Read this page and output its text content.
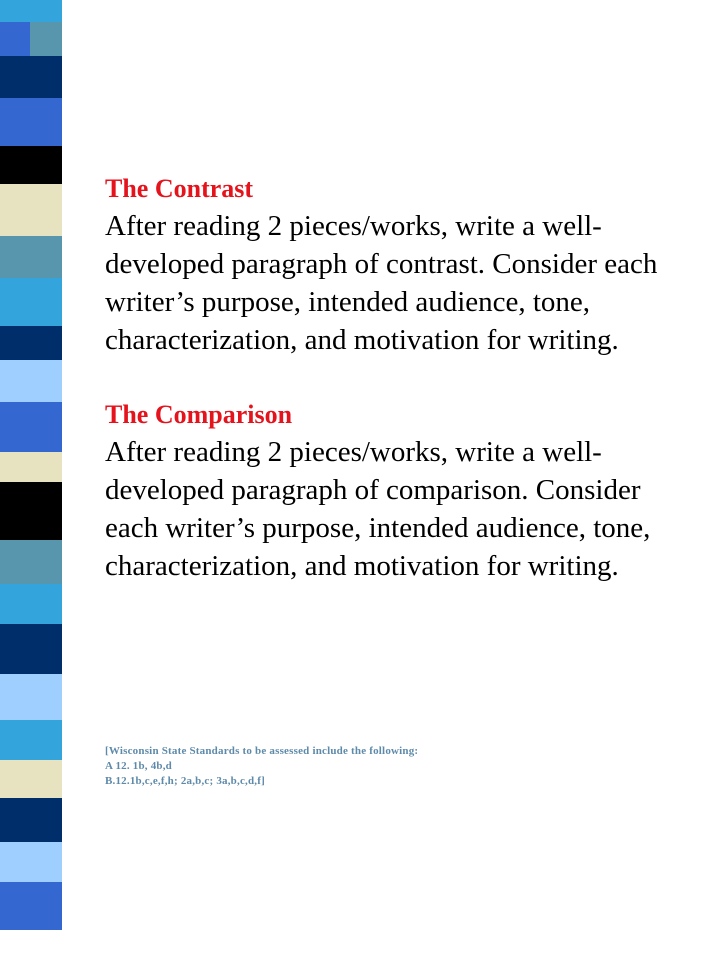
The Contrast

After reading 2 pieces/works, write a well-developed paragraph of contrast. Consider each writer’s purpose, intended audience, tone, characterization, and motivation for writing.

The Comparison

After reading 2 pieces/works, write a well-developed paragraph of comparison. Consider each writer’s purpose, intended audience, tone, characterization, and motivation for writing.

[Wisconsin State Standards to be assessed include the following:
A 12. 1b, 4b,d
B.12.1b,c,e,f,h; 2a,b,c; 3a,b,c,d,f]
